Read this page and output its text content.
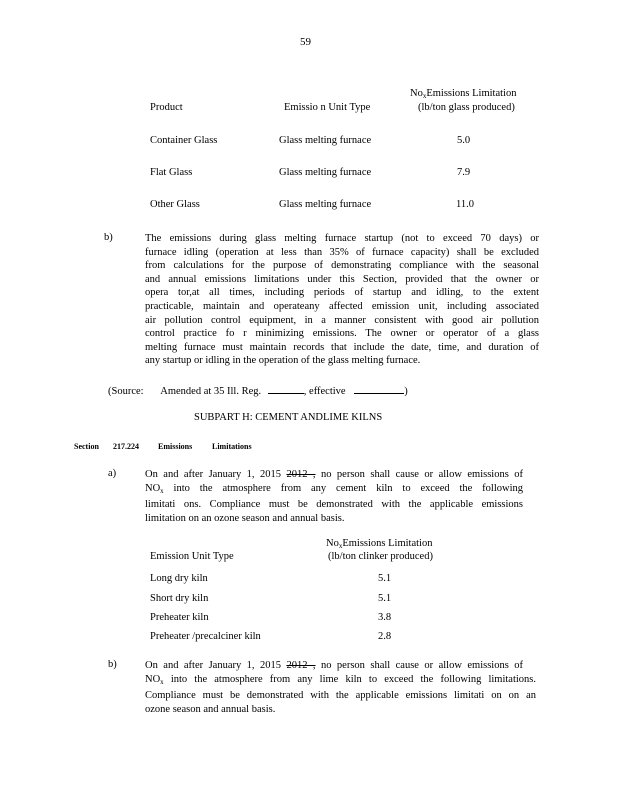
59
$No_xEmissions$ Limitation
Product	Emissio n Unit Type	(lb/ton glass produced)
Container Glass	Glass melting furnace	5.0
Flat Glass	Glass melting furnace	7.9
Other Glass	Glass melting furnace	11.0
b)	The emissions during glass melting furnace startup (not to exceed 70 days) or
furnace idling (operation at less than 35% of furnace capacity) shall be excluded
from calculations for the purpose of demonstrating compliance with the seasonal
and annual emissions limitations under this Section, provided that the owner or
opera tor,at all times, including periods of startup and idling, to the extent
practicable, maintain and operateany affected emission unit, including associated
air pollution control equipment, in a manner consistent with good air pollution
control practice fo r minimizing emissions. The owner or operator of a glass
melting furnace must maintain records that include the date, time, and duration of
any startup or idling in the operation of the glass melting furnace.
(Source: Amended at 35 Ill. Reg.	, effective	)
SUBPART H: CEMENT ANDLIME KILNS
Section 217.224 Emissions Limitations
a)	On and after January 1, 2015 2012 , no person shall cause or allow emissions of
$NO_x$ into the atmosphere from any cement kiln to exceed the following
limitati ons. Compliance must be demonstrated with the applicable emissions
limitation on an ozone season and annual basis.
$No_xEmissions$ Limitation
Emission Unit Type	(lb/ton clinker produced)
Long dry kiln	5.1
Short dry kiln	5.1
Preheater kiln	3.8
Preheater /precalciner kiln	2.8
b)	On and after January 1, 2015 2012 , no person shall cause or allow emissions of
$NO_x$ into the atmosphere from any lime kiln to exceed the following limitations.
Compliance must be demonstrated with the applicable emissions limitati on on an
ozone season and annual basis.
